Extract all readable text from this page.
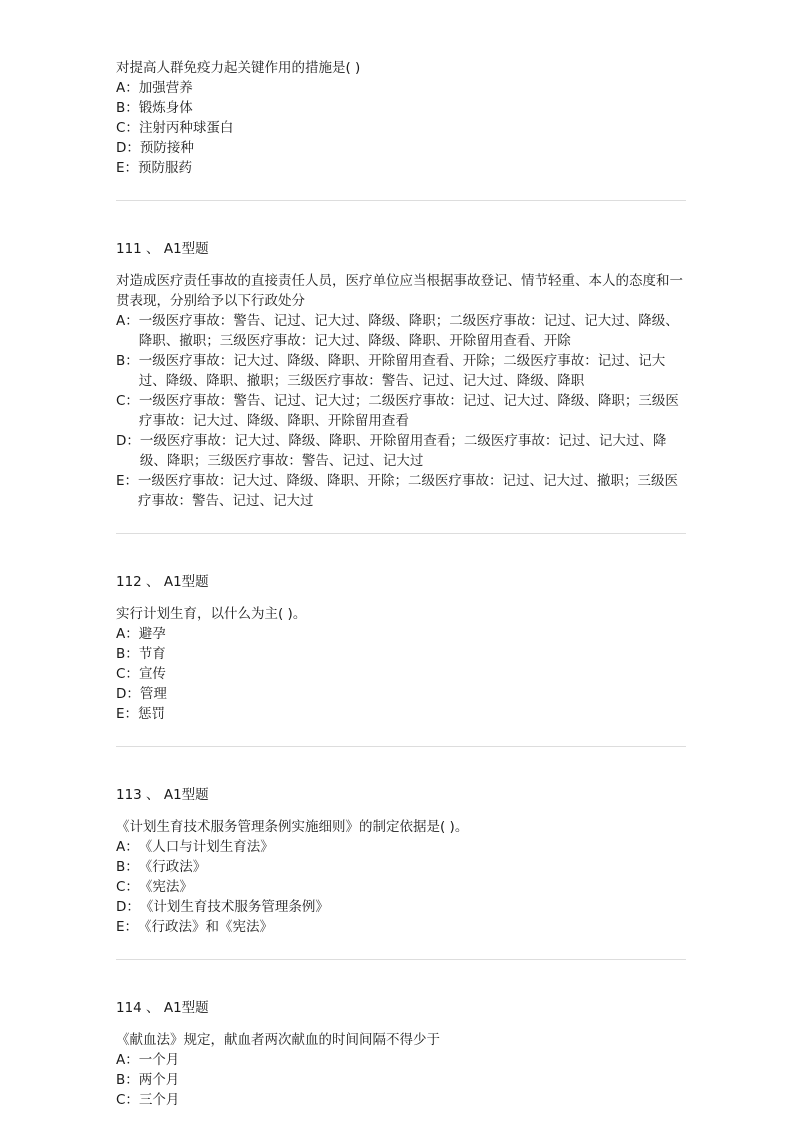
对提高人群免疫力起关键作用的措施是( )

A： 加强营养
B： 锻炼身体
C： 注射丙种球蛋白
D： 预防接种
E： 预防服药

111 、 A1型题

对造成医疗责任事故的直接责任人员，医疗单位应当根据事故登记、情节轻重、本人的态度和一贯表现，分别给予以下行政处分

A： 一级医疗事故：警告、记过、记大过、降级、降职；二级医疗事故：记过、记大过、降级、降职、撤职；三级医疗事故：记大过、降级、降职、开除留用查看、开除
B： 一级医疗事故：记大过、降级、降职、开除留用查看、开除；二级医疗事故：记过、记大过、降级、降职、撤职；三级医疗事故：警告、记过、记大过、降级、降职
C： 一级医疗事故：警告、记过、记大过；二级医疗事故：记过、记大过、降级、降职；三级医疗事故：记大过、降级、降职、开除留用查看
D： 一级医疗事故：记大过、降级、降职、开除留用查看；二级医疗事故：记过、记大过、降级、降职；三级医疗事故：警告、记过、记大过
E： 一级医疗事故：记大过、降级、降职、开除；二级医疗事故：记过、记大过、撤职；三级医疗事故：警告、记过、记大过

112 、 A1型题

实行计划生育，以什么为主( )。

A： 避孕
B： 节育
C： 宣传
D： 管理
E： 惩罚

113 、 A1型题

《计划生育技术服务管理条例实施细则》的制定依据是( )。

A： 《人口与计划生育法》
B： 《行政法》
C： 《宪法》
D： 《计划生育技术服务管理条例》
E： 《行政法》和《宪法》

114 、 A1型题

《献血法》规定，献血者两次献血的时间间隔不得少于

A： 一个月
B： 两个月
C： 三个月
